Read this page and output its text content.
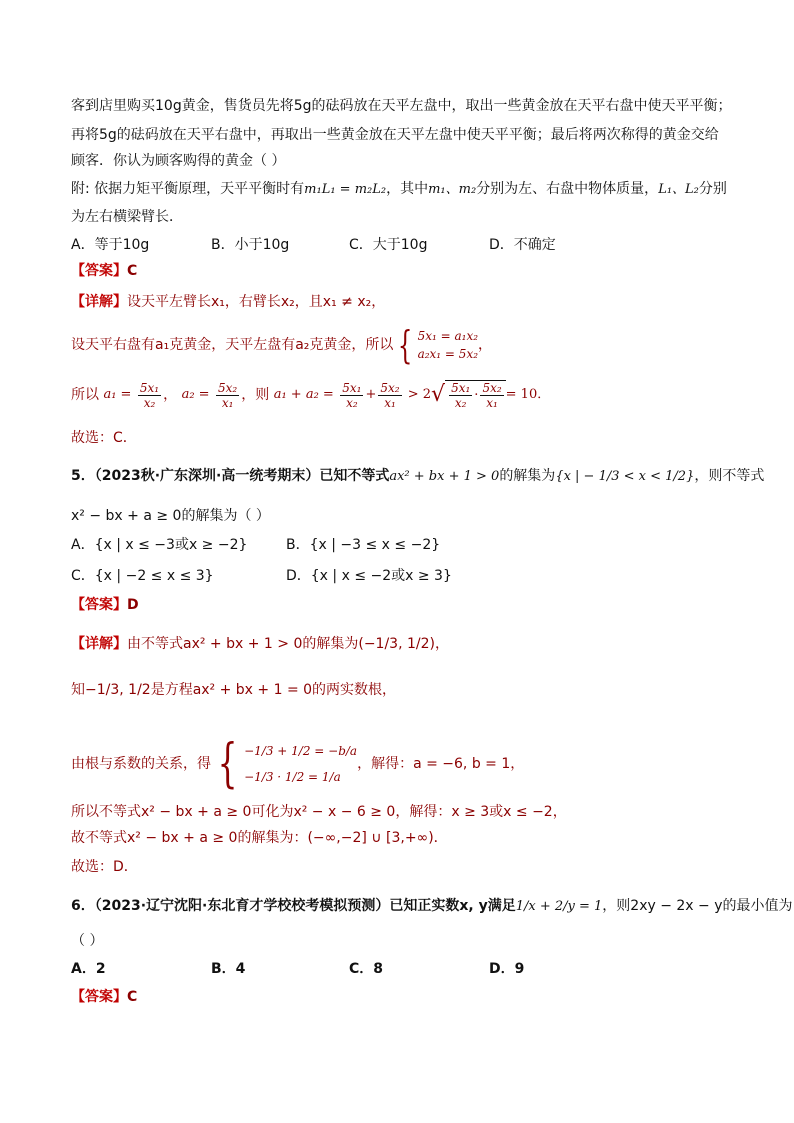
客到店里购买10g黄金，售货员先将5g的砝码放在天平左盘中，取出一些黄金放在天平右盘中使天平平衡；
再将5g的砝码放在天平右盘中，再取出一些黄金放在天平左盘中使天平平衡；最后将两次称得的黄金交给
顾客．你认为顾客购得的黄金（ ）
附: 依据力矩平衡原理，天平平衡时有m₁L₁ = m₂L₂，其中m₁、m₂分别为左、右盘中物体质量，L₁、L₂分别
为左右横梁臂长．
A．等于10g	B．小于10g	C．大于10g	D．不确定
【答案】C
【详解】设天平左臂长x₁，右臂长x₂，且x₁ ≠ x₂，
设天平右盘有a₁克黄金，天平左盘有a₂克黄金，所以 { 5x₁ = a₁x₂
a₂x₁ = 5x₂
，
所以 $a_1 = \frac{\text{5x₁}}{\text{x₂}}$ ， $a_2 = \frac{\text{5x₂}}{\text{x₁}}$ ，则 $a_1 + a_2 = \frac{\text{5x₁}}{\text{x₂}} + \frac{\text{5x₂}}{\text{x₁}} > 2√ \frac{\text{5x₁}}{\text{x₂}} \cdot \frac{\text{5x₂}}{\text{x₁}} = 10$．
故选：C．
5．（2023秋·广东深圳·高一统考期末）已知不等式ax² + bx + 1 > 0的解集为{x | − 1/3 < x < 1/2}，则不等式
x² − bx + a ≥ 0的解集为（ ）
A．{x | x ≤ −3或x ≥ −2}	B．{x | −3 ≤ x ≤ −2}
C．{x | −2 ≤ x ≤ 3}	D．{x | x ≤ −2或x ≥ 3}
【答案】D
【详解】由不等式ax² + bx + 1 > 0的解集为(−1/3, 1/2)，
知−1/3, 1/2是方程ax² + bx + 1 = 0的两实数根，
由根与系数的关系，得 { −1/3 + 1/2 = −b/a
−1/3 · 1/2 = 1/a
，解得：a = −6, b = 1，
所以不等式x² − bx + a ≥ 0可化为x² − x − 6 ≥ 0，解得：x ≥ 3或x ≤ −2，
故不等式x² − bx + a ≥ 0的解集为：(−∞,−2] ∪ [3,+∞)．
故选：D．
6．（2023·辽宁沈阳·东北育才学校校考模拟预测）已知正实数x, y满足1/x + 2/y = 1，则2xy − 2x − y的最小值为
（ ）
A．2	B．4	C．8	D．9
【答案】C
